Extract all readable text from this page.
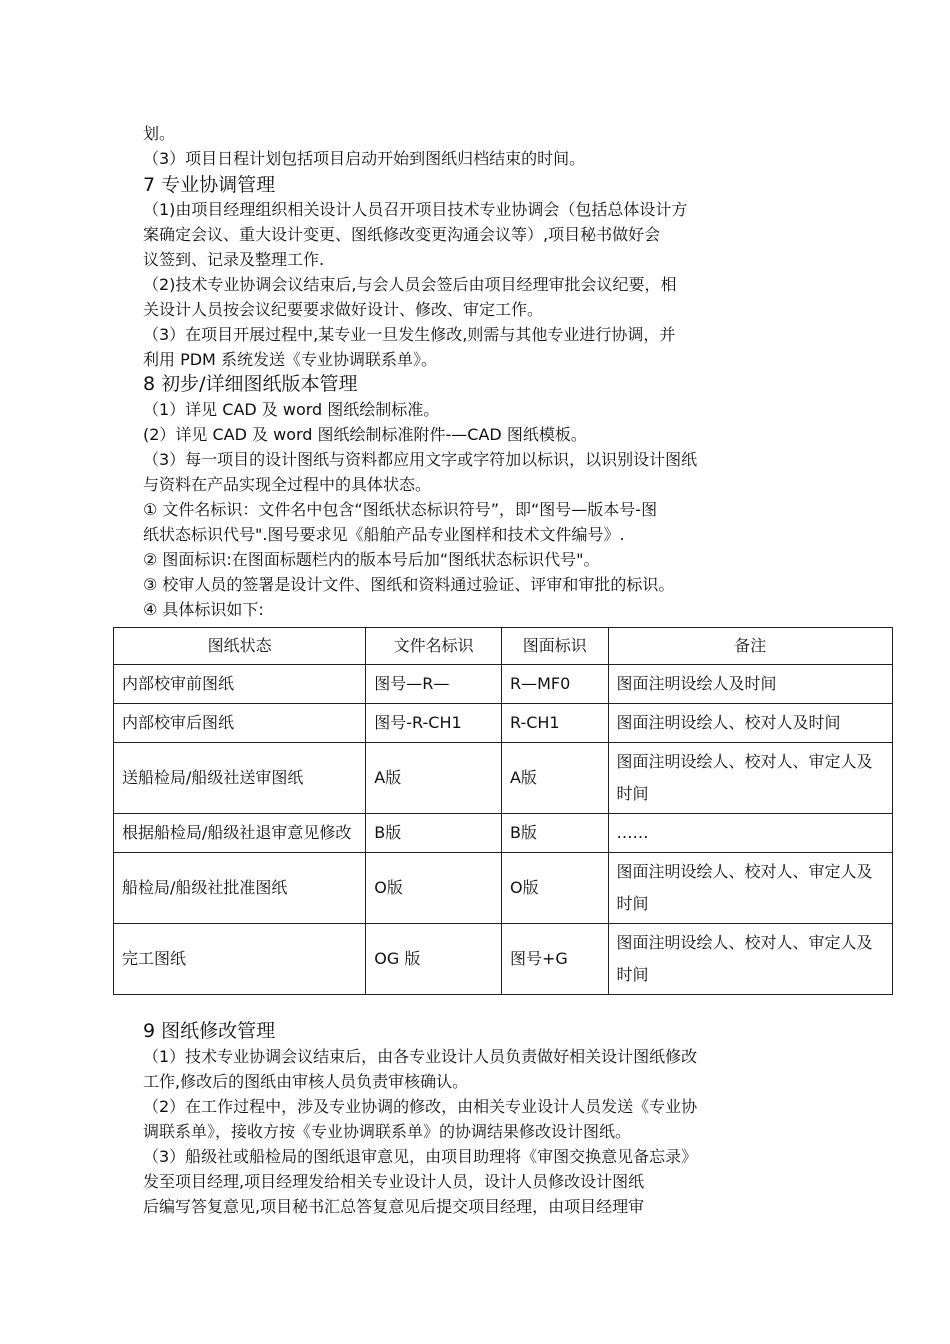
划。
（3）项目日程计划包括项目启动开始到图纸归档结束的时间。
7 专业协调管理
（1)由项目经理组织相关设计人员召开项目技术专业协调会（包括总体设计方
案确定会议、重大设计变更、图纸修改变更沟通会议等）,项目秘书做好会
议签到、记录及整理工作.
（2)技术专业协调会议结束后,与会人员会签后由项目经理审批会议纪要，相
关设计人员按会议纪要要求做好设计、修改、审定工作。
（3）在项目开展过程中,某专业一旦发生修改,则需与其他专业进行协调，并
利用 PDM 系统发送《专业协调联系单》。
8 初步/详细图纸版本管理
（1）详见 CAD 及 word 图纸绘制标准。
(2）详见 CAD 及 word 图纸绘制标准附件-—CAD 图纸模板。
（3）每一项目的设计图纸与资料都应用文字或字符加以标识，以识别设计图纸
与资料在产品实现全过程中的具体状态。
① 文件名标识：文件名中包含“图纸状态标识符号”，即“图号—版本号-图
纸状态标识代号".图号要求见《船舶产品专业图样和技术文件编号》.
② 图面标识:在图面标题栏内的版本号后加“图纸状态标识代号"。
③ 校审人员的签署是设计文件、图纸和资料通过验证、评审和审批的标识。
④ 具体标识如下:
图纸状态	文件名标识	图面标识	备注
内部校审前图纸	图号—R—	R—MF0	图面注明设绘人及时间
内部校审后图纸	图号-R-CH1	R-CH1	图面注明设绘人、校对人及时间
送船检局/船级社送审图纸	A版	A版	图面注明设绘人、校对人、审定人及时间
根据船检局/船级社退审意见修改	B版	B版	……
船检局/船级社批准图纸	O版	O版	图面注明设绘人、校对人、审定人及时间
完工图纸	OG 版	图号+G	图面注明设绘人、校对人、审定人及时间
9 图纸修改管理
（1）技术专业协调会议结束后，由各专业设计人员负责做好相关设计图纸修改
工作,修改后的图纸由审核人员负责审核确认。
（2）在工作过程中，涉及专业协调的修改，由相关专业设计人员发送《专业协
调联系单》，接收方按《专业协调联系单》的协调结果修改设计图纸。
（3）船级社或船检局的图纸退审意见，由项目助理将《审图交换意见备忘录》
发至项目经理,项目经理发给相关专业设计人员，设计人员修改设计图纸
后编写答复意见,项目秘书汇总答复意见后提交项目经理，由项目经理审
